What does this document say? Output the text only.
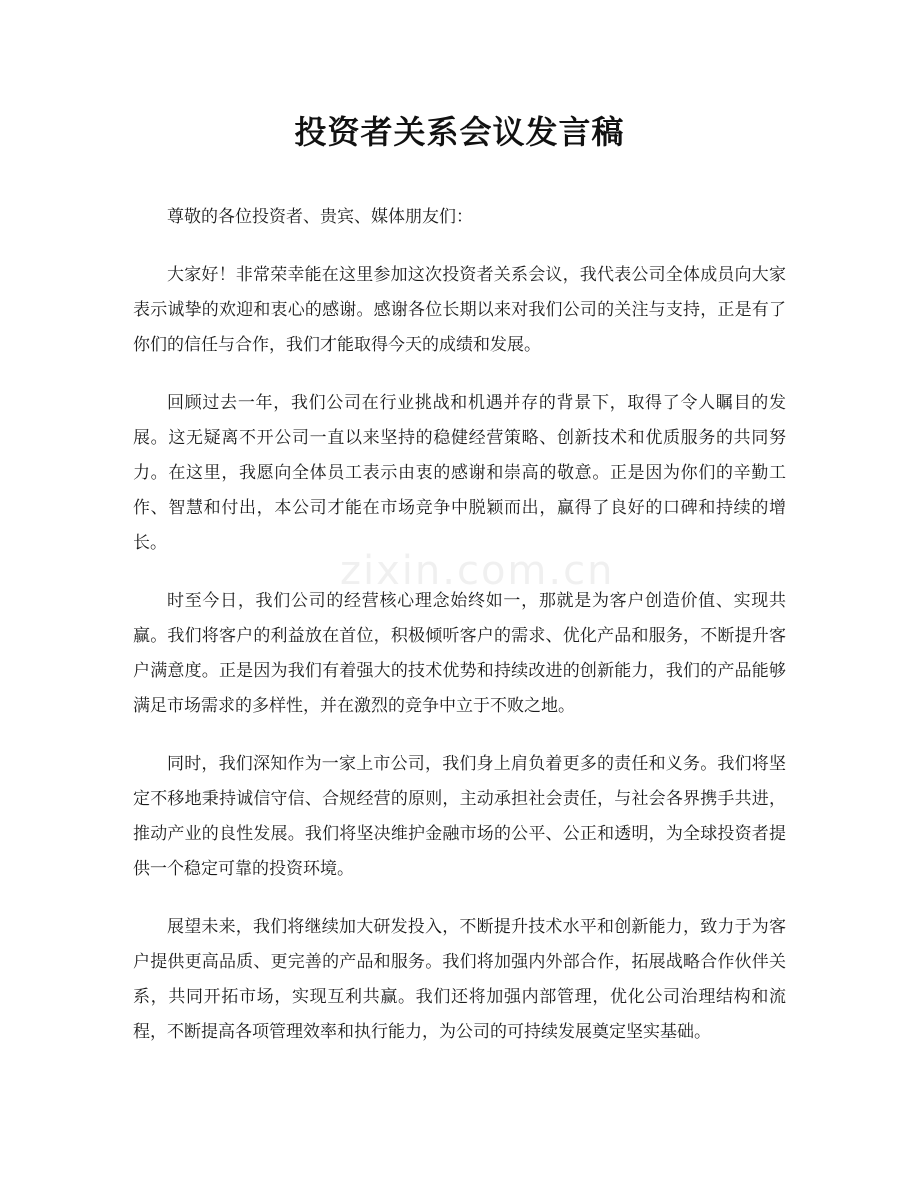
投资者关系会议发言稿

尊敬的各位投资者、贵宾、媒体朋友们：

大家好！非常荣幸能在这里参加这次投资者关系会议，我代表公司全体成员向大家表示诚挚的欢迎和衷心的感谢。感谢各位长期以来对我们公司的关注与支持，正是有了你们的信任与合作，我们才能取得今天的成绩和发展。

回顾过去一年，我们公司在行业挑战和机遇并存的背景下，取得了令人瞩目的发展。这无疑离不开公司一直以来坚持的稳健经营策略、创新技术和优质服务的共同努力。在这里，我愿向全体员工表示由衷的感谢和崇高的敬意。正是因为你们的辛勤工作、智慧和付出，本公司才能在市场竞争中脱颖而出，赢得了良好的口碑和持续的增长。

时至今日，我们公司的经营核心理念始终如一，那就是为客户创造价值、实现共赢。我们将客户的利益放在首位，积极倾听客户的需求、优化产品和服务，不断提升客户满意度。正是因为我们有着强大的技术优势和持续改进的创新能力，我们的产品能够满足市场需求的多样性，并在激烈的竞争中立于不败之地。

同时，我们深知作为一家上市公司，我们身上肩负着更多的责任和义务。我们将坚定不移地秉持诚信守信、合规经营的原则，主动承担社会责任，与社会各界携手共进，推动产业的良性发展。我们将坚决维护金融市场的公平、公正和透明，为全球投资者提供一个稳定可靠的投资环境。

展望未来，我们将继续加大研发投入，不断提升技术水平和创新能力，致力于为客户提供更高品质、更完善的产品和服务。我们将加强内外部合作，拓展战略合作伙伴关系，共同开拓市场，实现互利共赢。我们还将加强内部管理，优化公司治理结构和流程，不断提高各项管理效率和执行能力，为公司的可持续发展奠定坚实基础。

zixin.com.cn
